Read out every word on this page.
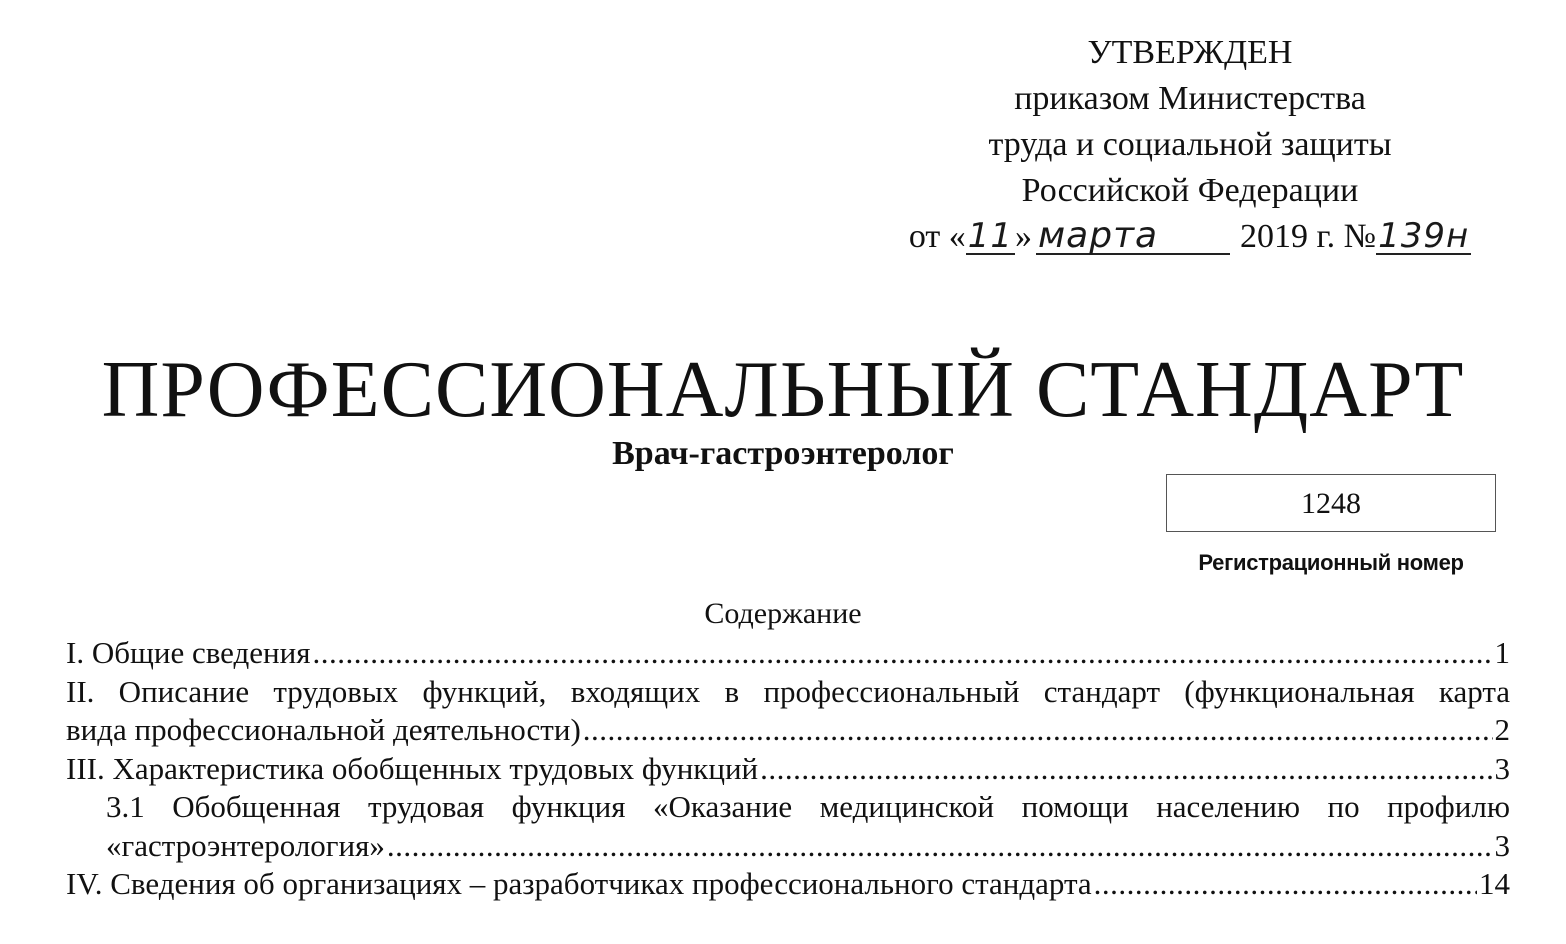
УТВЕРЖДЕН
приказом Министерства
труда и социальной защиты
Российской Федерации
от «11» марта 2019 г. №139н
ПРОФЕССИОНАЛЬНЫЙ СТАНДАРТ
Врач-гастроэнтеролог
1248
Регистрационный номер
Содержание
I. Общие сведения .....	1
II. Описание трудовых функций, входящих в профессиональный стандарт (функциональная карта
вида профессиональной деятельности) .....	2
III. Характеристика обобщенных трудовых функций .....	3
3.1 Обобщенная трудовая функция «Оказание медицинской помощи населению по профилю
«гастроэнтерология» .....	3
IV. Сведения об организациях – разработчиках профессионального стандарта .....	14
